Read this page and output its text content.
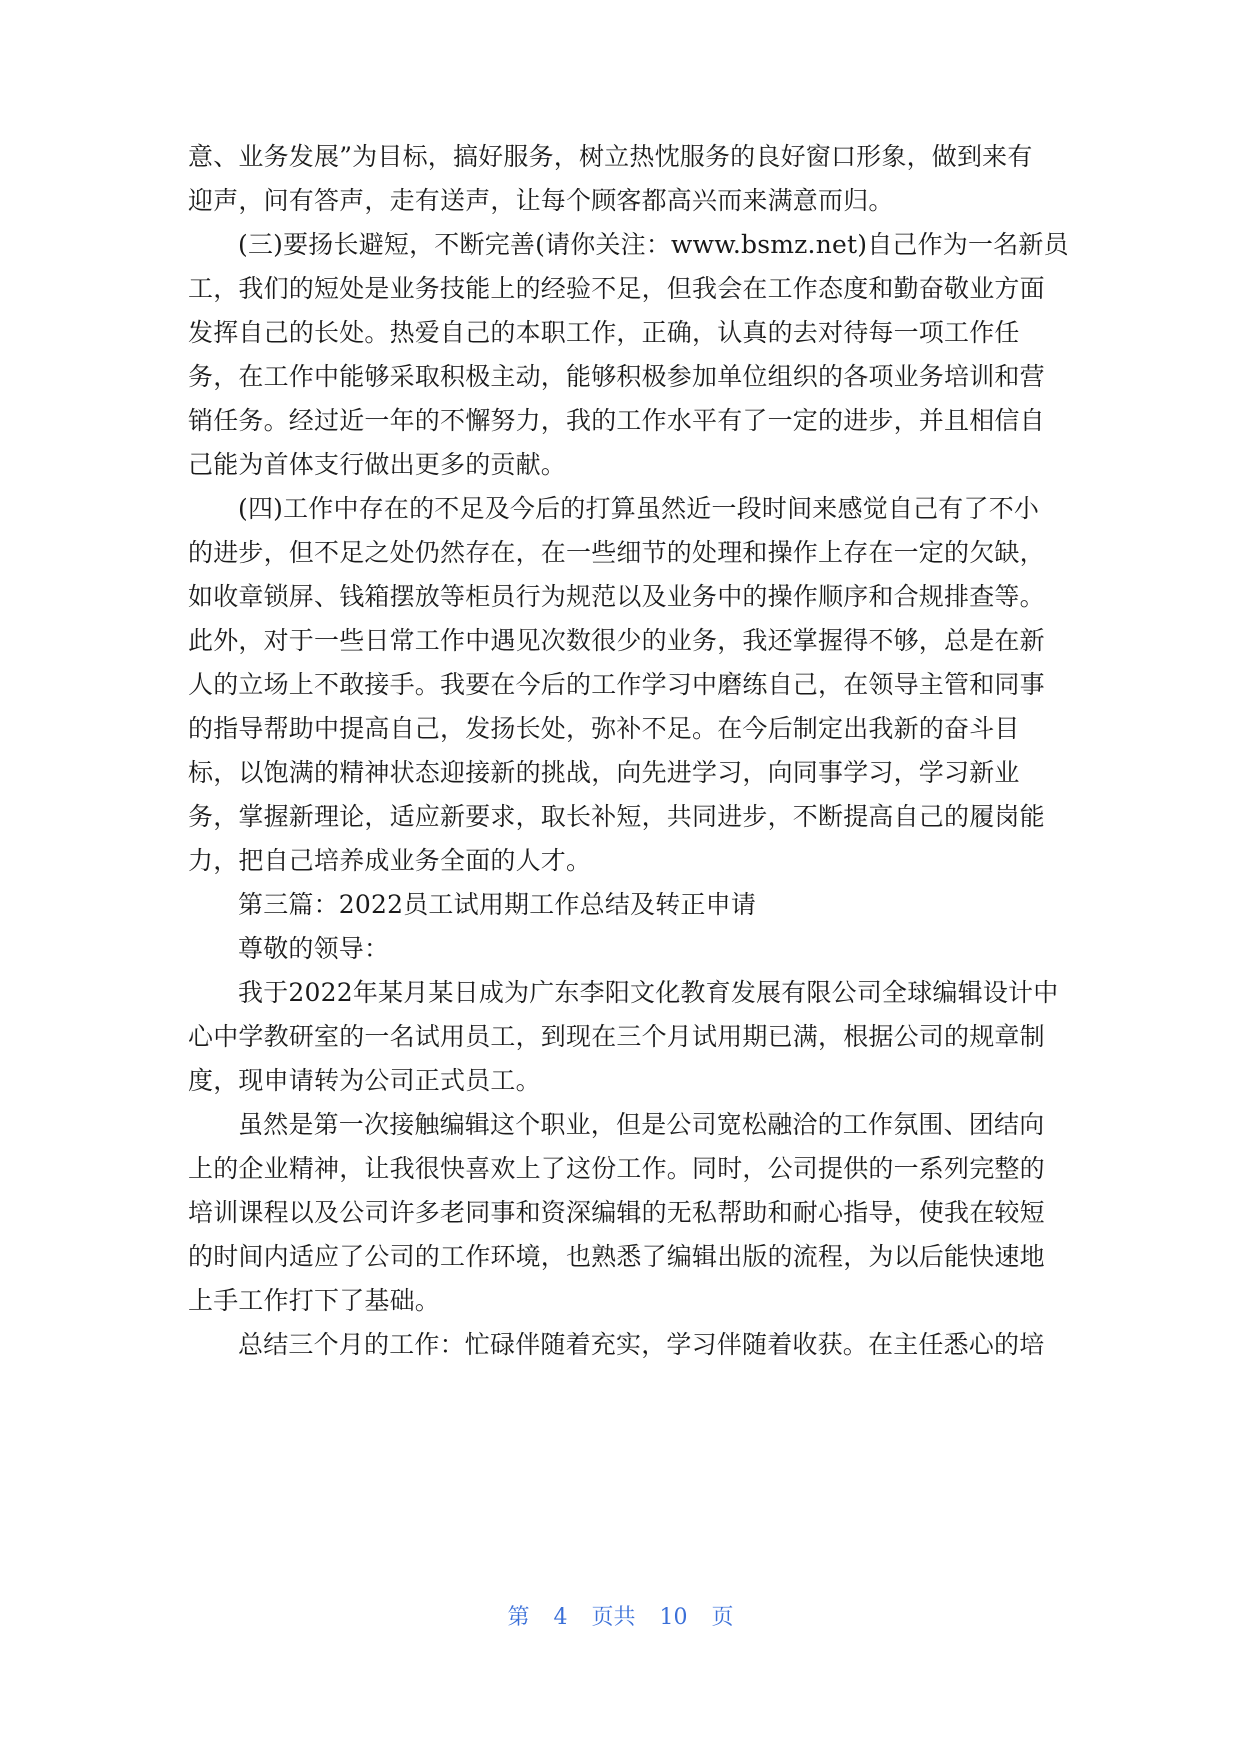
意、业务发展”为目标，搞好服务，树立热忱服务的良好窗口形象，做到来有
迎声，问有答声，走有送声，让每个顾客都高兴而来满意而归。
(三)要扬长避短，不断完善(请你关注：www.bsmz.net)自己作为一名新员
工，我们的短处是业务技能上的经验不足，但我会在工作态度和勤奋敬业方面
发挥自己的长处。热爱自己的本职工作，正确，认真的去对待每一项工作任
务，在工作中能够采取积极主动，能够积极参加单位组织的各项业务培训和营
销任务。经过近一年的不懈努力，我的工作水平有了一定的进步，并且相信自
己能为首体支行做出更多的贡献。
(四)工作中存在的不足及今后的打算虽然近一段时间来感觉自己有了不小
的进步，但不足之处仍然存在，在一些细节的处理和操作上存在一定的欠缺，
如收章锁屏、钱箱摆放等柜员行为规范以及业务中的操作顺序和合规排查等。
此外，对于一些日常工作中遇见次数很少的业务，我还掌握得不够，总是在新
人的立场上不敢接手。我要在今后的工作学习中磨练自己，在领导主管和同事
的指导帮助中提高自己，发扬长处，弥补不足。在今后制定出我新的奋斗目
标，以饱满的精神状态迎接新的挑战，向先进学习，向同事学习，学习新业
务，掌握新理论，适应新要求，取长补短，共同进步，不断提高自己的履岗能
力，把自己培养成业务全面的人才。
第三篇：2022员工试用期工作总结及转正申请
尊敬的领导：
我于2022年某月某日成为广东李阳文化教育发展有限公司全球编辑设计中
心中学教研室的一名试用员工，到现在三个月试用期已满，根据公司的规章制
度，现申请转为公司正式员工。
虽然是第一次接触编辑这个职业，但是公司宽松融洽的工作氛围、团结向
上的企业精神，让我很快喜欢上了这份工作。同时，公司提供的一系列完整的
培训课程以及公司许多老同事和资深编辑的无私帮助和耐心指导，使我在较短
的时间内适应了公司的工作环境，也熟悉了编辑出版的流程，为以后能快速地
上手工作打下了基础。
总结三个月的工作：忙碌伴随着充实，学习伴随着收获。在主任悉心的培
第 4 页共 10 页
